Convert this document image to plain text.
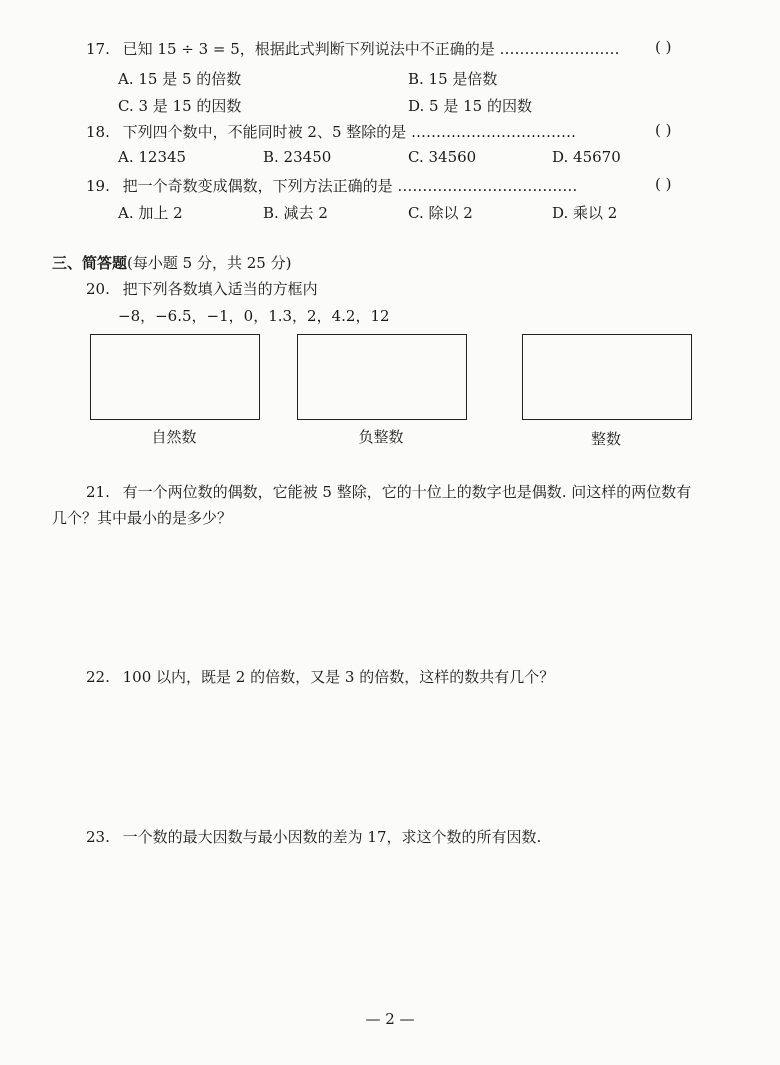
17. 已知 15 ÷ 3 = 5，根据此式判断下列说法中不正确的是 …………………… ( )
A. 15 是 5 的倍数	B. 15 是倍数
C. 3 是 15 的因数	D. 5 是 15 的因数
18. 下列四个数中，不能同时被 2、5 整除的是 ……………………………	( )
A. 12345	B. 23450	C. 34560	D. 45670
19. 把一个奇数变成偶数，下列方法正确的是 ………………………………	( )
A. 加上 2	B. 减去 2	C. 除以 2	D. 乘以 2
三、简答题(每小题 5 分，共 25 分)
20. 把下列各数填入适当的方框内
−8，−6.5，−1，0，1.3，2，4.2，12
自然数	负整数	整数
21. 有一个两位数的偶数，它能被 5 整除，它的十位上的数字也是偶数. 问这样的两位数有
几个？其中最小的是多少？
22. 100 以内，既是 2 的倍数，又是 3 的倍数，这样的数共有几个？
23. 一个数的最大因数与最小因数的差为 17，求这个数的所有因数.
— 2 —
